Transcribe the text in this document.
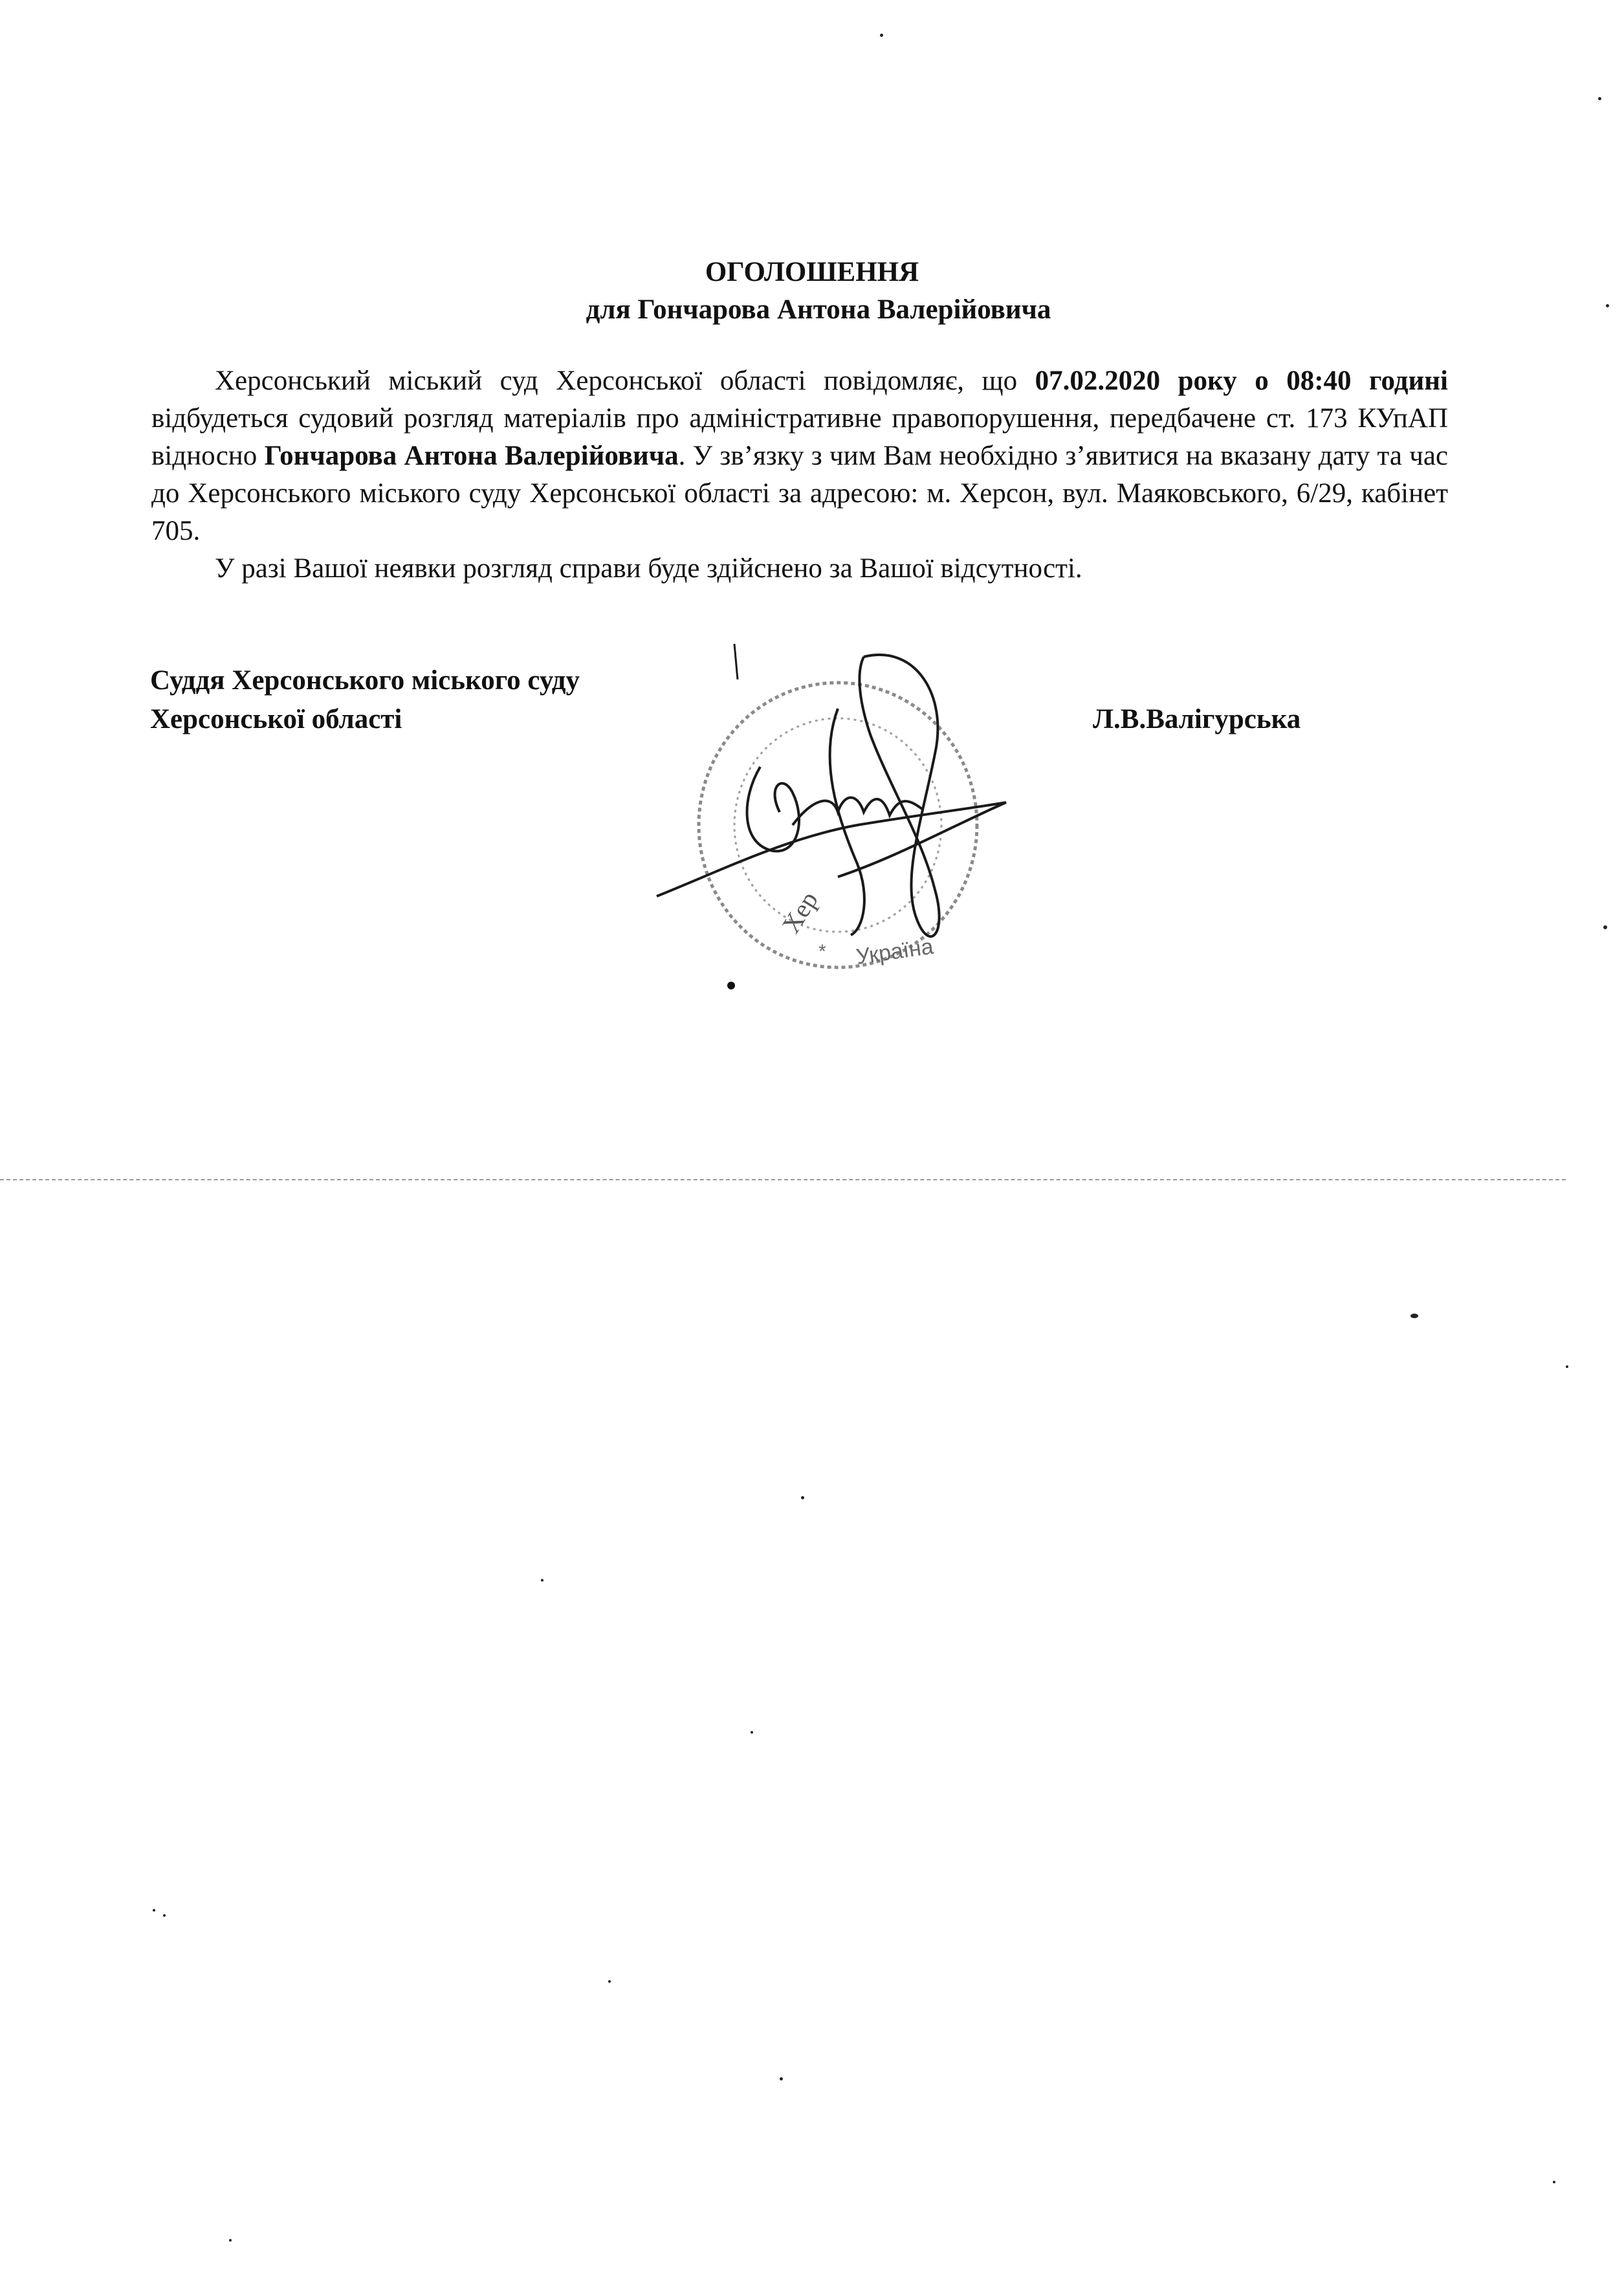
ОГОЛОШЕННЯ
для Гончарова Антона Валерійовича

Херсонський міський суд Херсонської області повідомляє, що 07.02.2020 року о 08:40 годині відбудеться судовий розгляд матеріалів про адміністративне правопорушення, передбачене ст. 173 КУпАП відносно Гончарова Антона Валерійовича. У зв’язку з чим Вам необхідно з’явитися на вказану дату та час до Херсонського міського суду Херсонської області за адресою: м. Херсон, вул. Маяковського, 6/29, кабінет 705.

У разі Вашої неявки розгляд справи буде здійснено за Вашої відсутності.

Суддя Херсонського міського суду
Херсонської області	Л.В.Валігурська
Хер
Україна
*
